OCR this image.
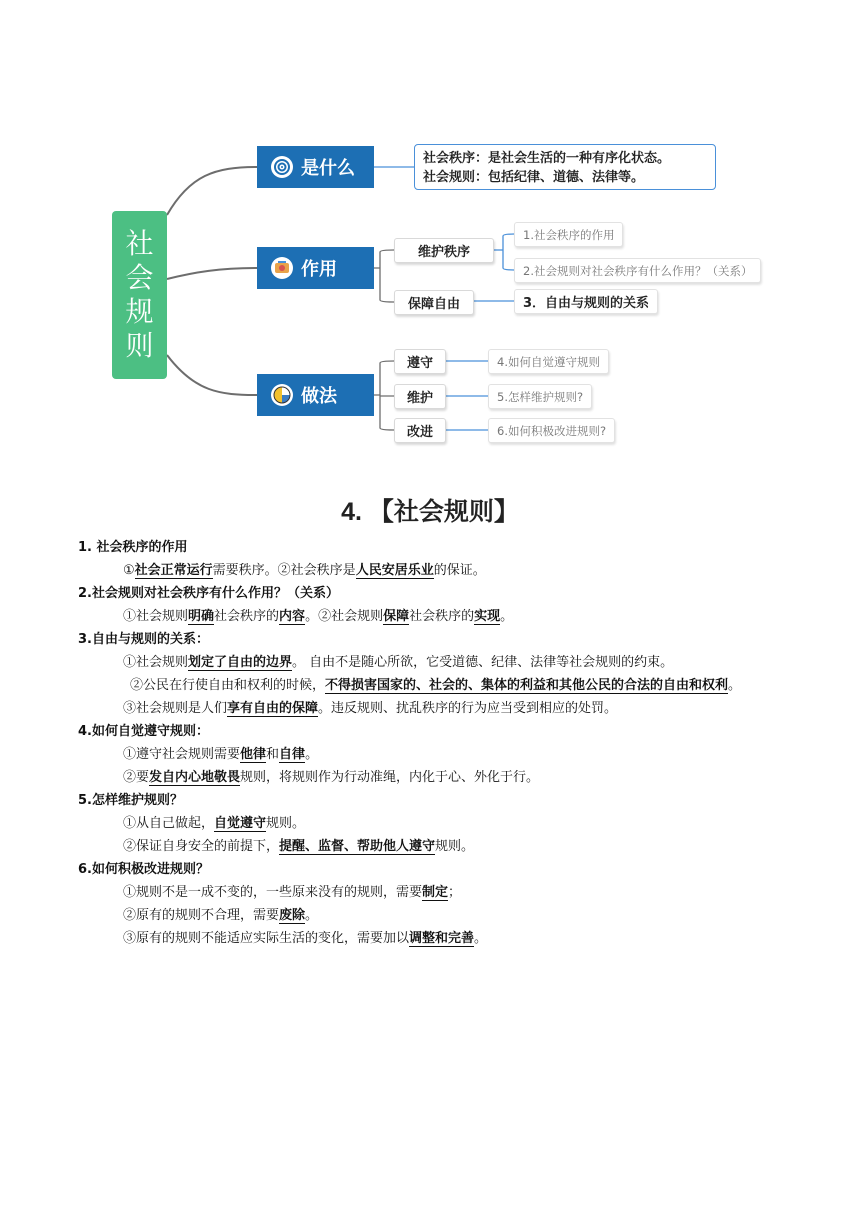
社
会
规
则
是什么
作用
做法
社会秩序：是社会生活的一种有序化状态。
社会规则：包括纪律、道德、法律等。
维护秩序
保障自由
遵守
维护
改进
1.社会秩序的作用
2.社会规则对社会秩序有什么作用？（关系）
3．自由与规则的关系
4.如何自觉遵守规则
5.怎样维护规则?
6.如何积极改进规则?
4. 【社会规则】
1. 社会秩序的作用
①社会正常运行需要秩序。②社会秩序是人民安居乐业的保证。
2.社会规则对社会秩序有什么作用？（关系）
①社会规则明确社会秩序的内容。②社会规则保障社会秩序的实现。
3.自由与规则的关系：
①社会规则划定了自由的边界。 自由不是随心所欲，它受道德、纪律、法律等社会规则的约束。
②公民在行使自由和权利的时候，不得损害国家的、社会的、集体的利益和其他公民的合法的自由和权利。
③社会规则是人们享有自由的保障。违反规则、扰乱秩序的行为应当受到相应的处罚。
4.如何自觉遵守规则：
①遵守社会规则需要他律和自律。
②要发自内心地敬畏规则，将规则作为行动准绳，内化于心、外化于行。
5.怎样维护规则？
①从自己做起，自觉遵守规则。
②保证自身安全的前提下，提醒、监督、帮助他人遵守规则。
6.如何积极改进规则？
①规则不是一成不变的，一些原来没有的规则，需要制定；
②原有的规则不合理，需要废除。
③原有的规则不能适应实际生活的变化，需要加以调整和完善。
